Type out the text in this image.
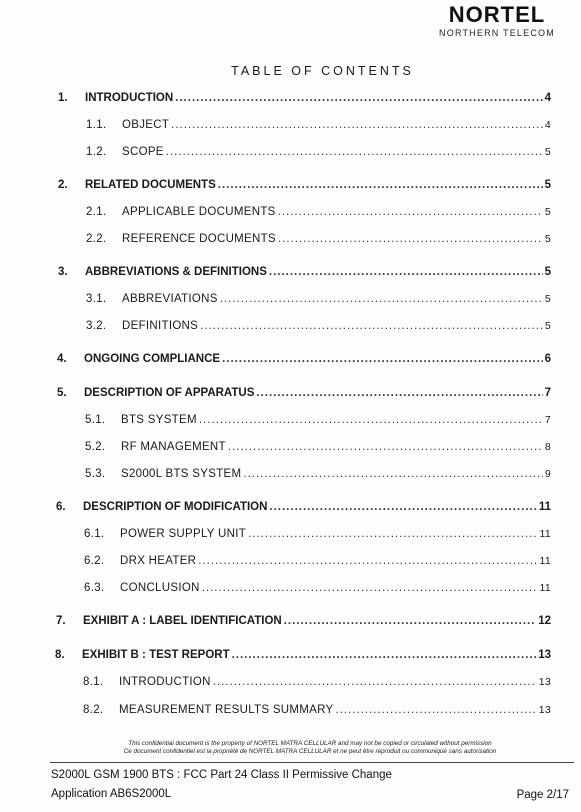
NORTEL
NORTHERN TELECOM
TABLE OF CONTENTS
1.	INTRODUCTION .....	4
1.1.	OBJECT .....	4
1.2.	SCOPE .....	5
2.	RELATED DOCUMENTS .....	5
2.1.	APPLICABLE DOCUMENTS .....	5
2.2.	REFERENCE DOCUMENTS .....	5
3.	ABBREVIATIONS & DEFINITIONS .....	5
3.1.	ABBREVIATIONS .....	5
3.2.	DEFINITIONS .....	5
4.	ONGOING COMPLIANCE .....	6
5.	DESCRIPTION OF APPARATUS .....	7
5.1.	BTS SYSTEM .....	7
5.2.	RF MANAGEMENT .....	8
5.3.	S2000L BTS SYSTEM .....	9
6.	DESCRIPTION OF MODIFICATION .....	11
6.1.	POWER SUPPLY UNIT .....	11
6.2.	DRX HEATER .....	11
6.3.	CONCLUSION .....	11
7.	EXHIBIT A : LABEL IDENTIFICATION .....	12
8.	EXHIBIT B : TEST REPORT .....	13
8.1.	INTRODUCTION .....	13
8.2.	MEASUREMENT RESULTS SUMMARY .....	13
This confidential document is the property of NORTEL MATRA CELLULAR and may not be copied or circulated without permission
Ce document confidentiel est la propriété de NORTEL MATRA CELLULAR et ne peut être reproduit ou communiqué sans autorisation
S2000L GSM 1900 BTS : FCC Part 24 Class II Permissive Change
Application AB6S2000L	Page 2/17
